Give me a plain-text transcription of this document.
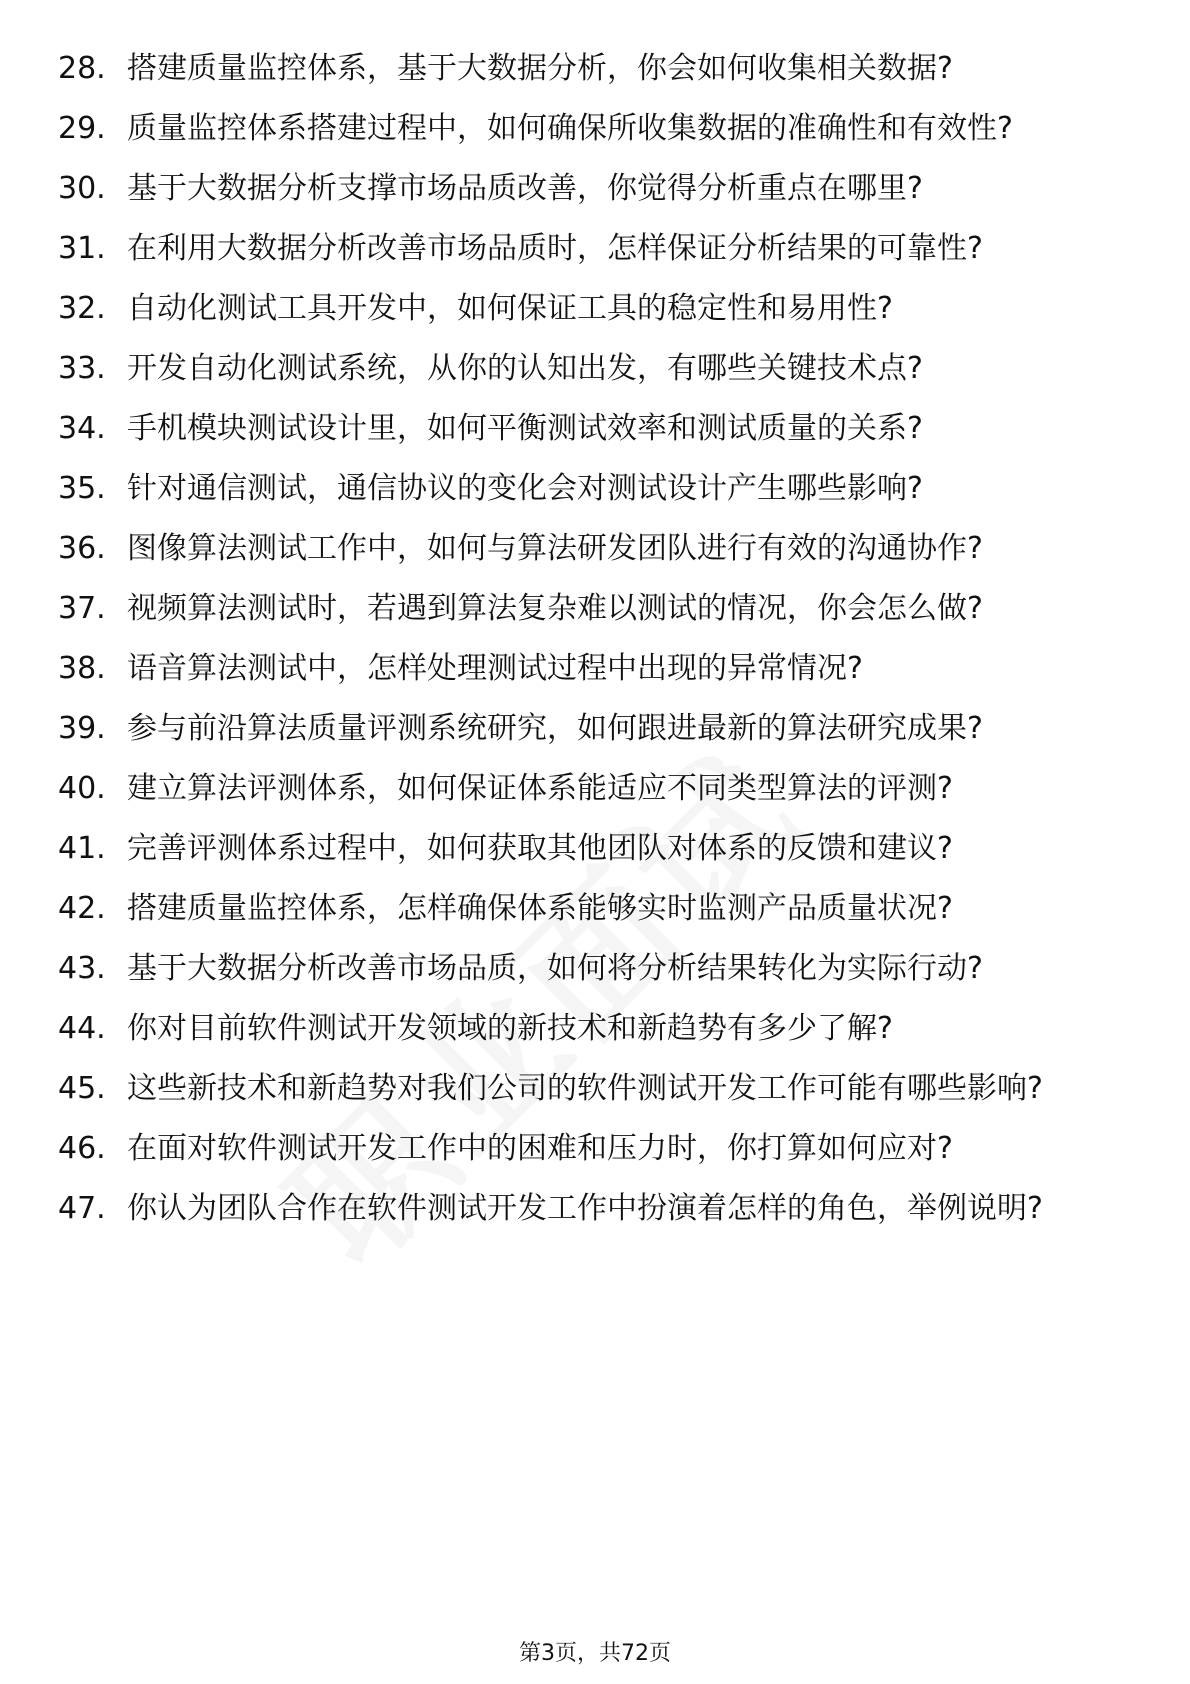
28. 搭建质量监控体系，基于大数据分析，你会如何收集相关数据?
29. 质量监控体系搭建过程中，如何确保所收集数据的准确性和有效性?
30. 基于大数据分析支撑市场品质改善，你觉得分析重点在哪里?
31. 在利用大数据分析改善市场品质时，怎样保证分析结果的可靠性?
32. 自动化测试工具开发中，如何保证工具的稳定性和易用性?
33. 开发自动化测试系统，从你的认知出发，有哪些关键技术点?
34. 手机模块测试设计里，如何平衡测试效率和测试质量的关系?
35. 针对通信测试，通信协议的变化会对测试设计产生哪些影响?
36. 图像算法测试工作中，如何与算法研发团队进行有效的沟通协作?
37. 视频算法测试时，若遇到算法复杂难以测试的情况，你会怎么做?
38. 语音算法测试中，怎样处理测试过程中出现的异常情况?
39. 参与前沿算法质量评测系统研究，如何跟进最新的算法研究成果?
40. 建立算法评测体系，如何保证体系能适应不同类型算法的评测?
41. 完善评测体系过程中，如何获取其他团队对体系的反馈和建议?
42. 搭建质量监控体系，怎样确保体系能够实时监测产品质量状况?
43. 基于大数据分析改善市场品质，如何将分析结果转化为实际行动?
44. 你对目前软件测试开发领域的新技术和新趋势有多少了解?
45. 这些新技术和新趋势对我们公司的软件测试开发工作可能有哪些影响?
46. 在面对软件测试开发工作中的困难和压力时，你打算如何应对?
47. 你认为团队合作在软件测试开发工作中扮演着怎样的角色，举例说明?
第3页，共72页
